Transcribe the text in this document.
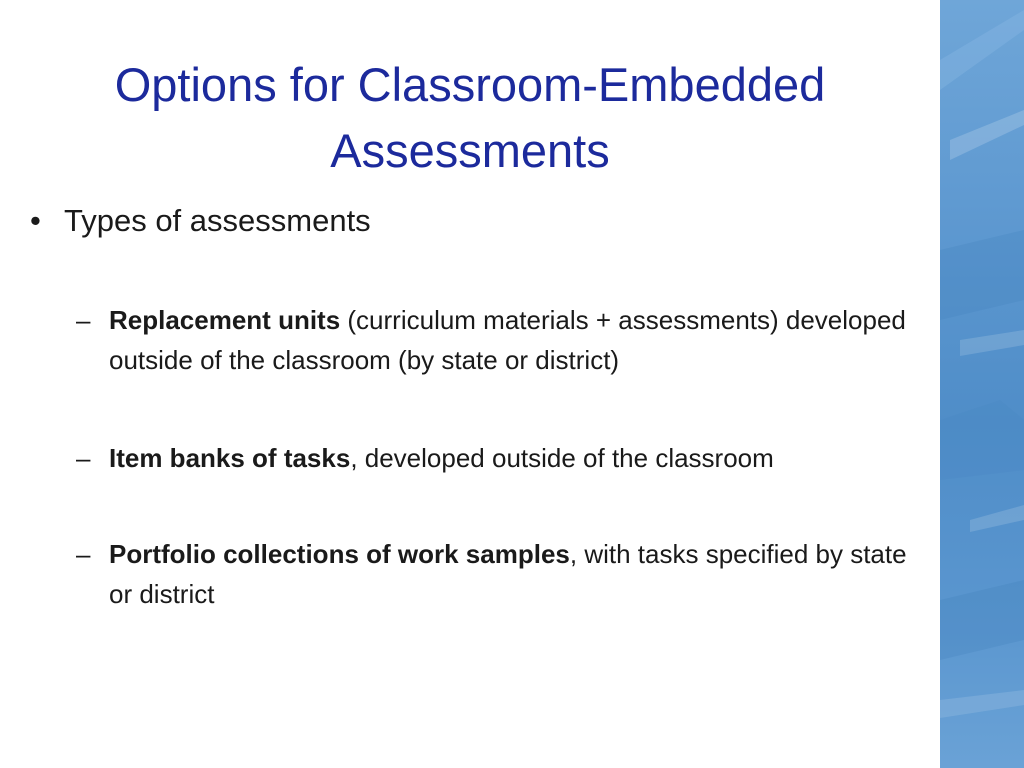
Options for Classroom-Embedded Assessments
• Types of assessments
– Replacement units (curriculum materials + assessments) developed outside of the classroom (by state or district)
– Item banks of tasks, developed outside of the classroom
– Portfolio collections of work samples, with tasks specified by state or district
